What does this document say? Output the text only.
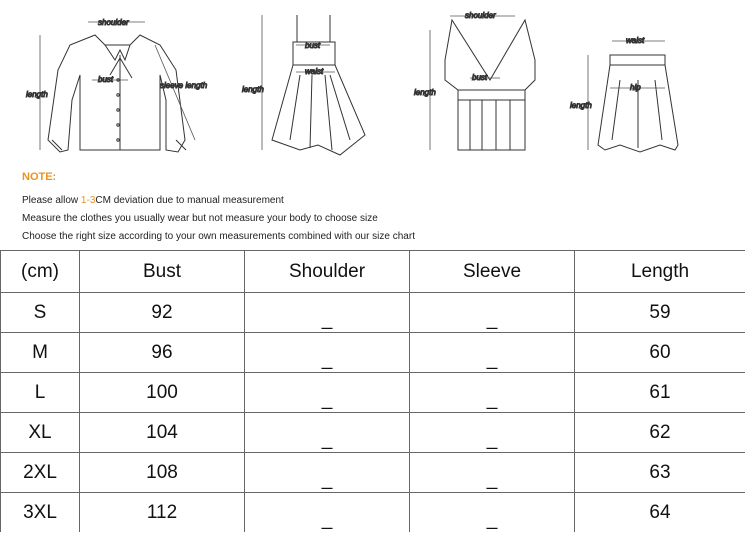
shoulder
bust
length
sleeve length
bust
waist
length
shoulder
bust
length
waist
hip
length
NOTE:
Please allow 1-3CM deviation due to manual measurement
Measure the clothes you usually wear but not measure your body to choose size
Choose the right size according to your own measurements combined with our size chart
(cm)	Bust	Shoulder	Sleeve	Length
S	92	_	_	59
M	96	_	_	60
L	100	_	_	61
XL	104	_	_	62
2XL	108	_	_	63
3XL	112	_	_	64
